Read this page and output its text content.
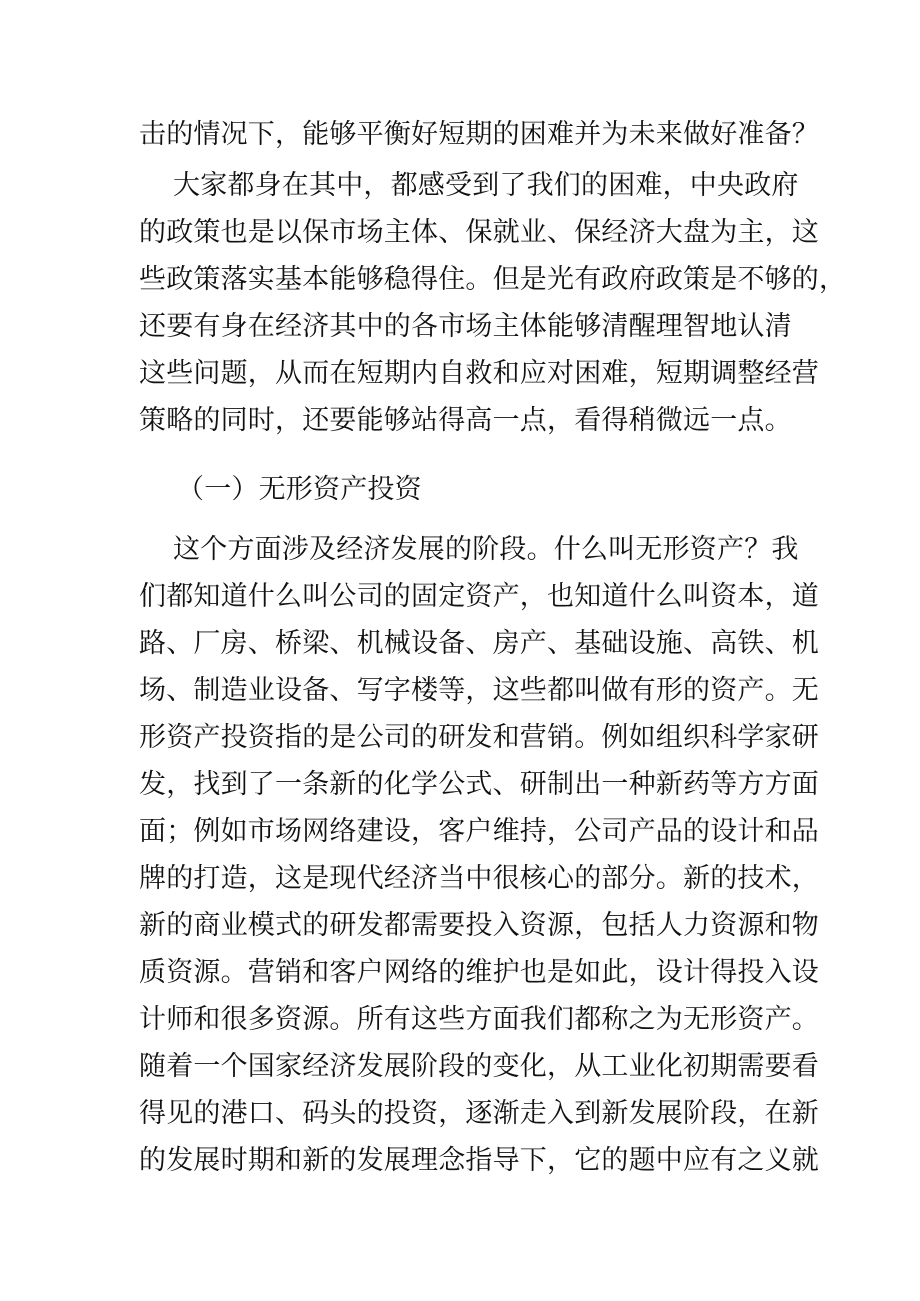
击的情况下，能够平衡好短期的困难并为未来做好准备？
大家都身在其中，都感受到了我们的困难，中央政府
的政策也是以保市场主体、保就业、保经济大盘为主，这
些政策落实基本能够稳得住。但是光有政府政策是不够的，
还要有身在经济其中的各市场主体能够清醒理智地认清
这些问题，从而在短期内自救和应对困难，短期调整经营
策略的同时，还要能够站得高一点，看得稍微远一点。
（一）无形资产投资
这个方面涉及经济发展的阶段。什么叫无形资产？我
们都知道什么叫公司的固定资产，也知道什么叫资本，道
路、厂房、桥梁、机械设备、房产、基础设施、高铁、机
场、制造业设备、写字楼等，这些都叫做有形的资产。无
形资产投资指的是公司的研发和营销。例如组织科学家研
发，找到了一条新的化学公式、研制出一种新药等方方面
面；例如市场网络建设，客户维持，公司产品的设计和品
牌的打造，这是现代经济当中很核心的部分。新的技术，
新的商业模式的研发都需要投入资源，包括人力资源和物
质资源。营销和客户网络的维护也是如此，设计得投入设
计师和很多资源。所有这些方面我们都称之为无形资产。
随着一个国家经济发展阶段的变化，从工业化初期需要看
得见的港口、码头的投资，逐渐走入到新发展阶段，在新
的发展时期和新的发展理念指导下，它的题中应有之义就
